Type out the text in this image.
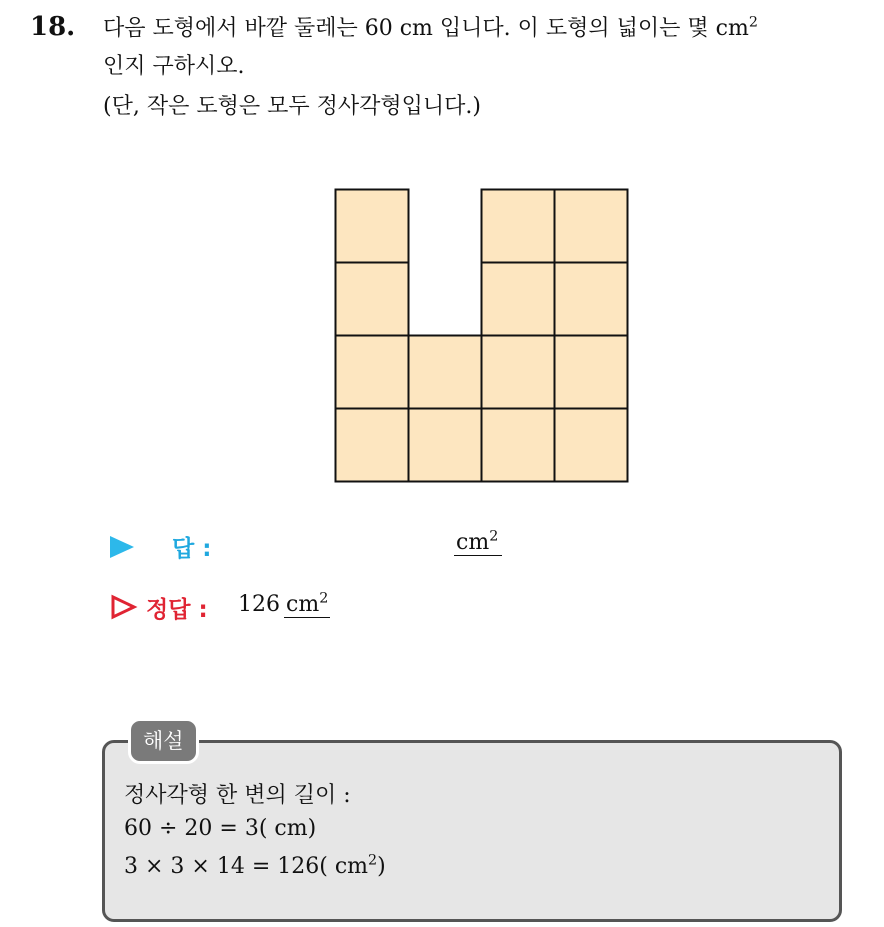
18. 다음 도형에서 바깥 둘레는 60 cm 입니다. 이 도형의 넓이는 몇 $cm^2$
인지 구하시오.
(단, 작은 도형은 모두 정사각형입니다.)
답 :	$cm^2$
정답 : 126 $cm^2$
해설
정사각형 한 변의 길이 :
60 ÷ 20 = 3( cm)
3 × 3 × 14 = 126( $cm^2$)
